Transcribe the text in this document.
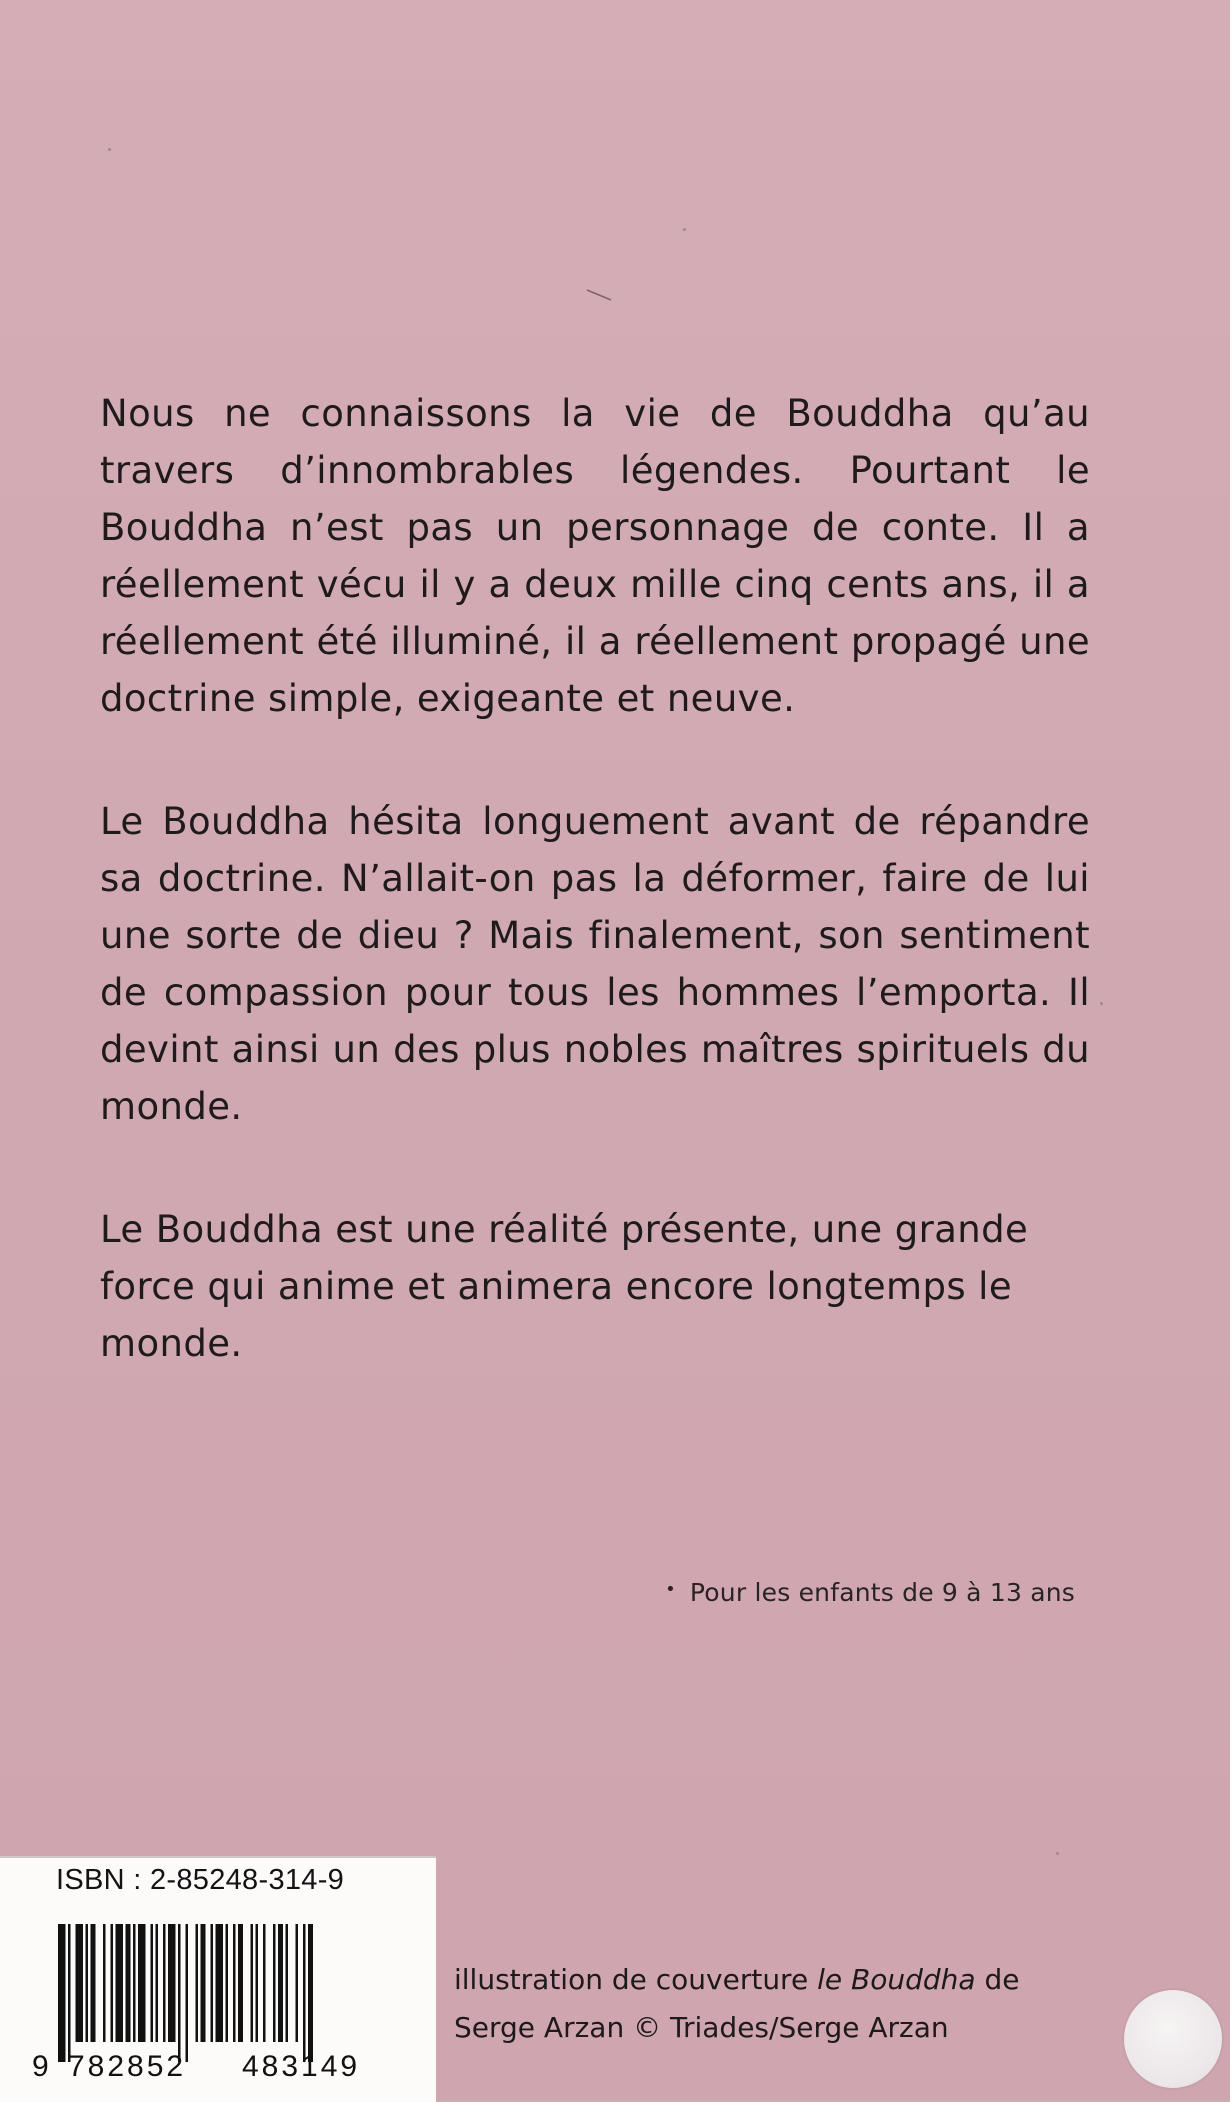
Nous ne connaissons la vie de Bouddha qu’au travers d’innombrables légendes. Pourtant le Bouddha n’est pas un personnage de conte. Il a réellement vécu il y a deux mille cinq cents ans, il a réellement été illuminé, il a réellement propagé une doctrine simple, exigeante et neuve.

Le Bouddha hésita longuement avant de répandre sa doctrine. N’allait-on pas la déformer, faire de lui une sorte de dieu ? Mais finalement, son sentiment de compassion pour tous les hommes l’emporta. Il devint ainsi un des plus nobles maîtres spirituels du monde.

Le Bouddha est une réalité présente, une grande force qui anime et animera encore longtemps le monde.

• Pour les enfants de 9 à 13 ans
ISBN : 2-85248-314-9
9 782852 483149
illustration de couverture le Bouddha de
Serge Arzan © Triades/Serge Arzan
